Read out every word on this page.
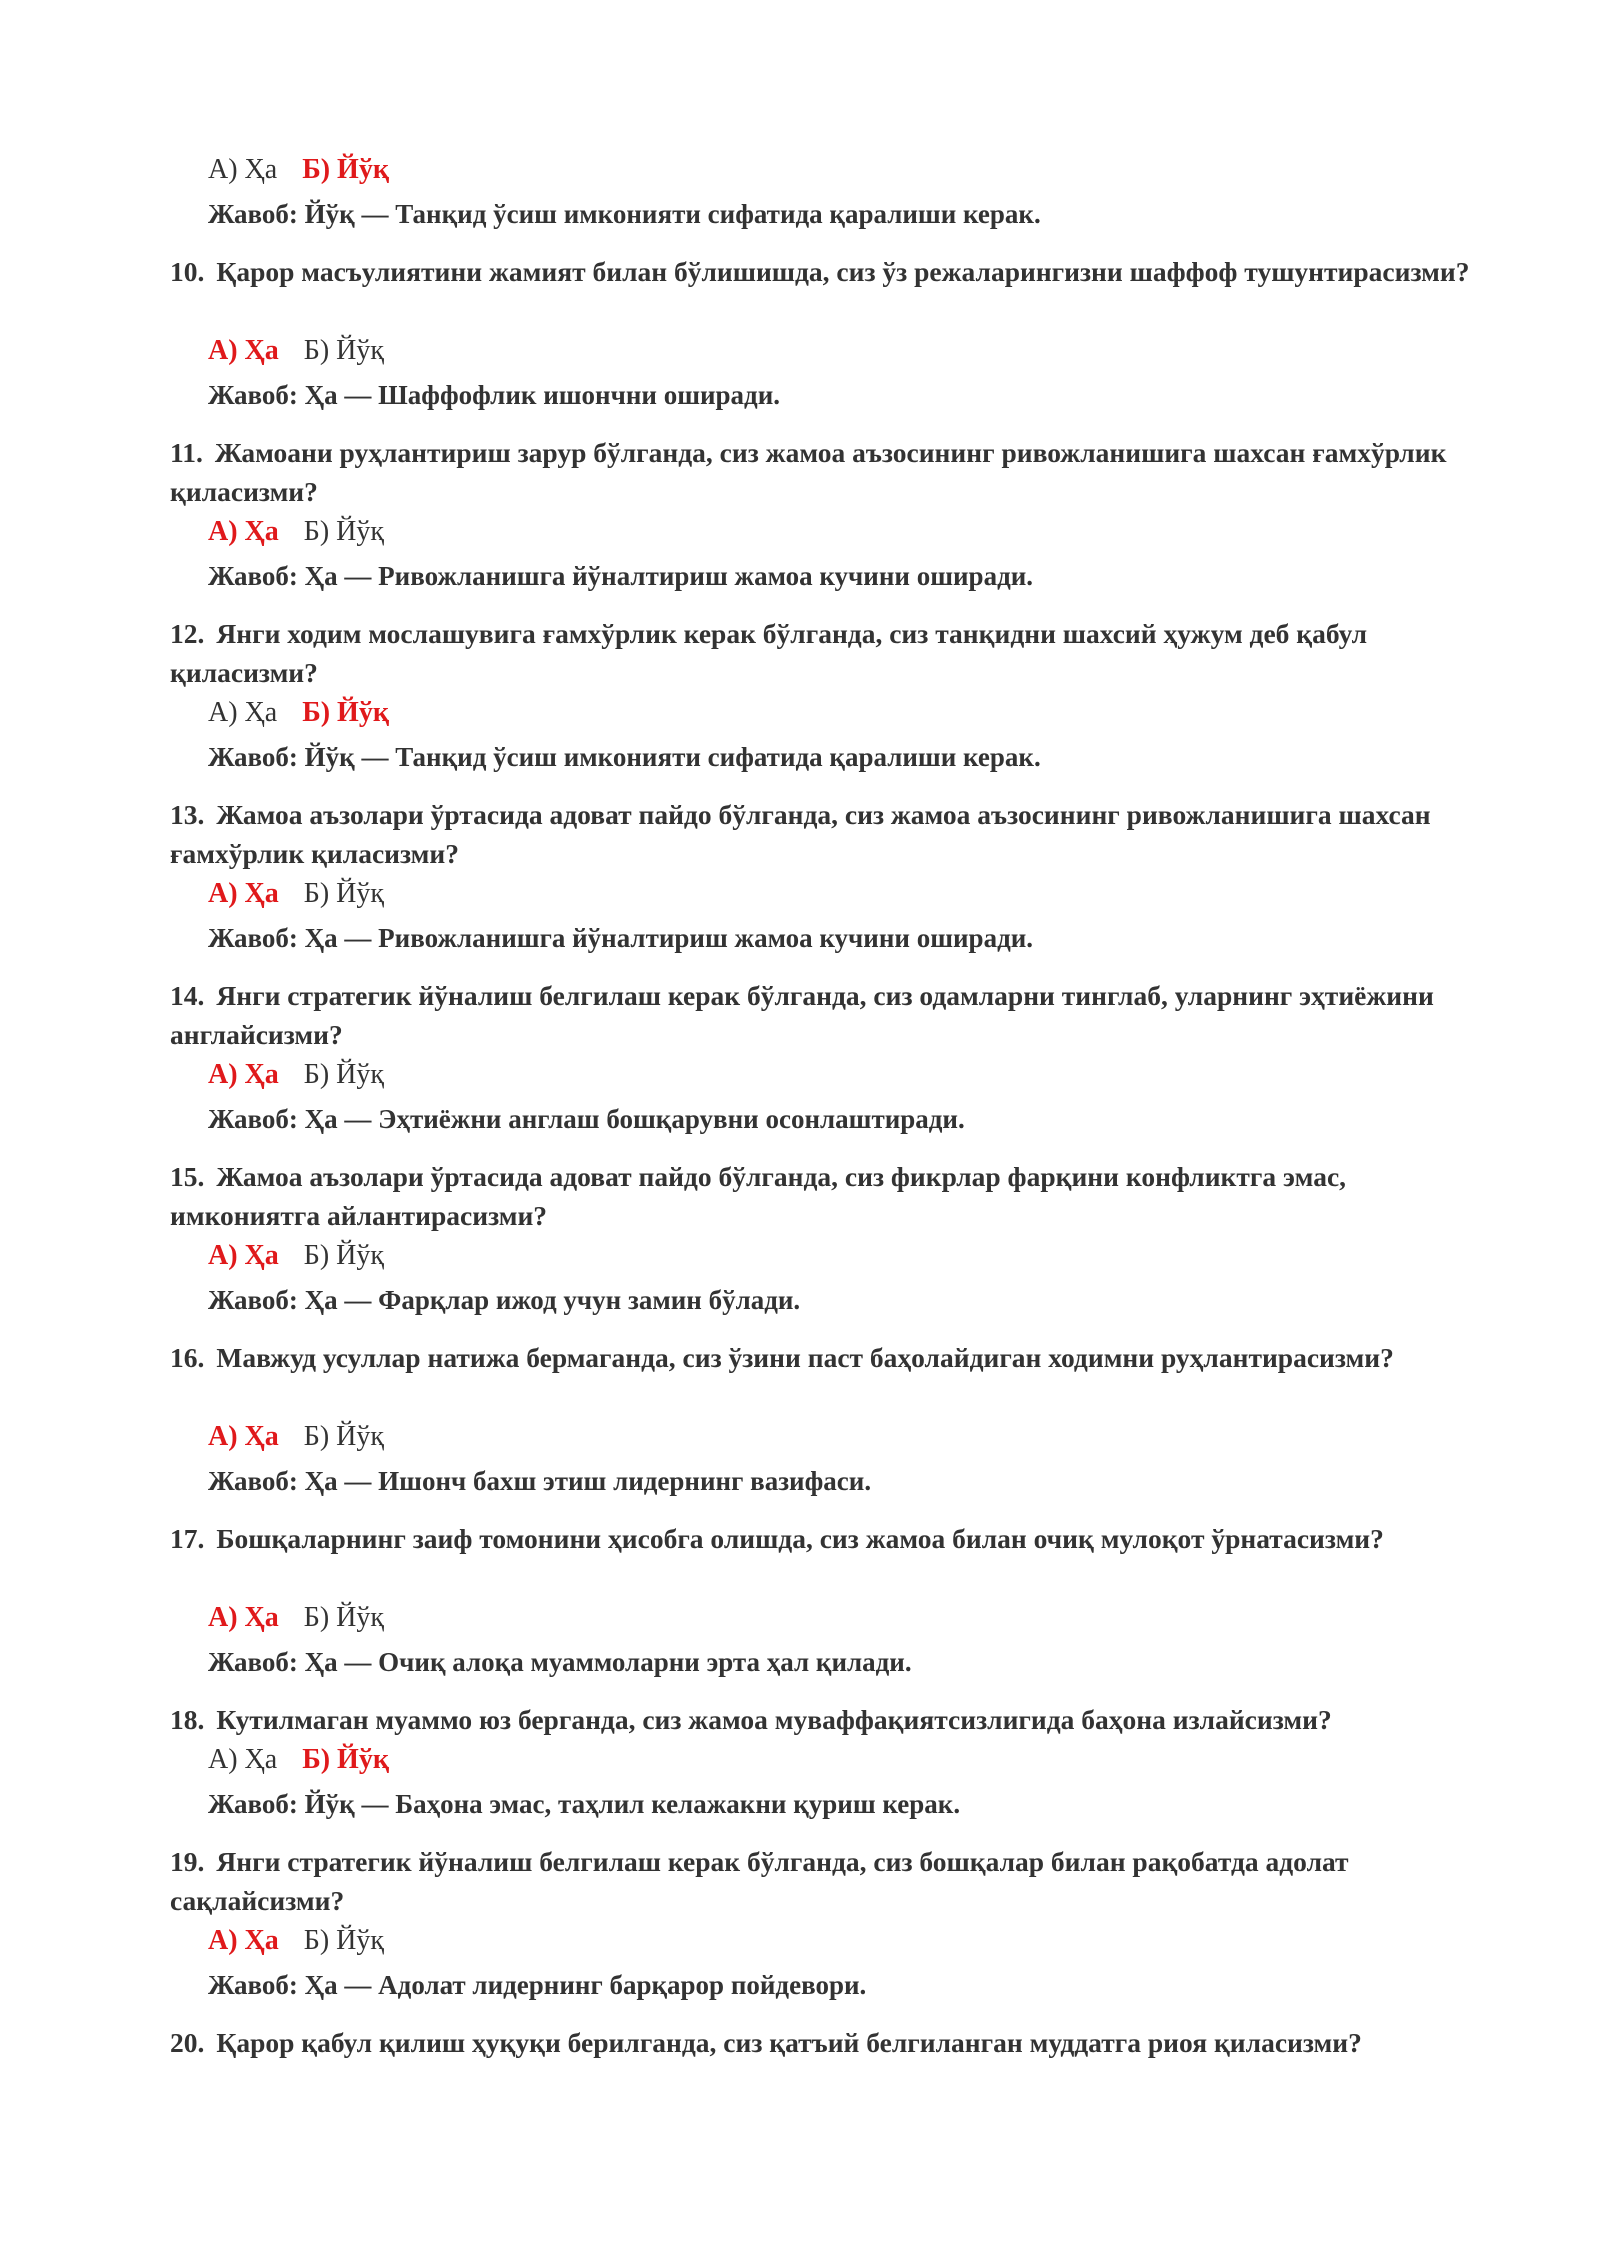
А) Ҳа Б) Йўқ
Жавоб: Йўқ — Танқид ўсиш имконияти сифатида қаралиши керак.
10. Қарор масъулиятини жамият билан бўлишишда, сиз ўз режаларингизни шаффоф тушунтирасизми?
А) Ҳа Б) Йўқ
Жавоб: Ҳа — Шаффофлик ишончни оширади.
11. Жамоани руҳлантириш зарур бўлганда, сиз жамоа аъзосининг ривожланишига шахсан ғамхўрлик қиласизми?
А) Ҳа Б) Йўқ
Жавоб: Ҳа — Ривожланишга йўналтириш жамоа кучини оширади.
12. Янги ходим мослашувига ғамхўрлик керак бўлганда, сиз танқидни шахсий ҳужум деб қабул қиласизми?
А) Ҳа Б) Йўқ
Жавоб: Йўқ — Танқид ўсиш имконияти сифатида қаралиши керак.
13. Жамоа аъзолари ўртасида адоват пайдо бўлганда, сиз жамоа аъзосининг ривожланишига шахсан ғамхўрлик қиласизми?
А) Ҳа Б) Йўқ
Жавоб: Ҳа — Ривожланишга йўналтириш жамоа кучини оширади.
14. Янги стратегик йўналиш белгилаш керак бўлганда, сиз одамларни тинглаб, уларнинг эҳтиёжини англайсизми?
А) Ҳа Б) Йўқ
Жавоб: Ҳа — Эҳтиёжни англаш бошқарувни осонлаштиради.
15. Жамоа аъзолари ўртасида адоват пайдо бўлганда, сиз фикрлар фарқини конфликтга эмас, имкониятга айлантирасизми?
А) Ҳа Б) Йўқ
Жавоб: Ҳа — Фарқлар ижод учун замин бўлади.
16. Мавжуд усуллар натижа бермаганда, сиз ўзини паст баҳолайдиган ходимни руҳлантирасизми?
А) Ҳа Б) Йўқ
Жавоб: Ҳа — Ишонч бахш этиш лидернинг вазифаси.
17. Бошқаларнинг заиф томонини ҳисобга олишда, сиз жамоа билан очиқ мулоқот ўрнатасизми?
А) Ҳа Б) Йўқ
Жавоб: Ҳа — Очиқ алоқа муаммоларни эрта ҳал қилади.
18. Кутилмаган муаммо юз берганда, сиз жамоа муваффақиятсизлигида баҳона излайсизми?
А) Ҳа Б) Йўқ
Жавоб: Йўқ — Баҳона эмас, таҳлил келажакни қуриш керак.
19. Янги стратегик йўналиш белгилаш керак бўлганда, сиз бошқалар билан рақобатда адолат сақлайсизми?
А) Ҳа Б) Йўқ
Жавоб: Ҳа — Адолат лидернинг барқарор пойдевори.
20. Қарор қабул қилиш ҳуқуқи берилганда, сиз қатъий белгиланган муддатга риоя қиласизми?
